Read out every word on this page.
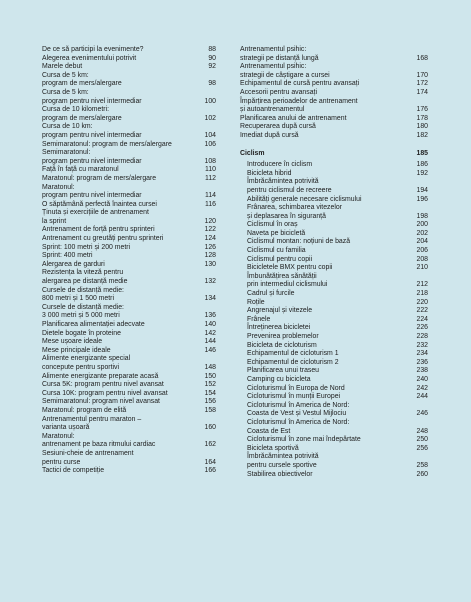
De ce să participi la evenimente?	88
Alegerea evenimentului potrivit	90
Marele debut	92
Cursa de 5 km:
program de mers/alergare	98
Cursa de 5 km:
program pentru nivel intermediar	100
Cursa de 10 kilometri:
program de mers/alergare	102
Cursa de 10 km:
program pentru nivel intermediar	104
Semimaratonul: program de mers/alergare	106
Semimaratonul:
program pentru nivel intermediar	108
Față în față cu maratonul	110
Maratonul: program de mers/alergare	112
Maratonul:
program pentru nivel intermediar	114
O săptămână perfectă înaintea cursei	116
Ținuta și exercițiile de antrenament
la sprint	120
Antrenament de forță pentru sprinteri	122
Antrenament cu greutăți pentru sprinteri	124
Sprint: 100 metri și 200 metri	126
Sprint: 400 metri	128
Alergarea de garduri	130
Rezistența la viteză pentru
alergarea pe distanță medie	132
Cursele de distanță medie:
800 metri și 1 500 metri	134
Cursele de distanță medie:
3 000 metri și 5 000 metri	136
Planificarea alimentației adecvate	140
Dietele bogate în proteine	142
Mese ușoare ideale	144
Mese principale ideale	146
Alimente energizante special
concepute pentru sportivi	148
Alimente energizante preparate acasă	150
Cursa 5K: program pentru nivel avansat	152
Cursa 10K: program pentru nivel avansat	154
Semimaratonul: program nivel avansat	156
Maratonul: program de elită	158
Antrenamentul pentru maraton –
varianta ușoară	160
Maratonul:
antrenament pe baza ritmului cardiac	162
Sesiuni-cheie de antrenament
pentru curse	164
Tactici de competiție	166
Antrenamentul psihic:
strategii pe distanță lungă	168
Antrenamentul psihic:
strategii de câștigare a cursei	170
Echipamentul de cursă pentru avansați	172
Accesorii pentru avansați	174
Împărțirea perioadelor de antrenament
și autoantrenamentul	176
Planificarea anului de antrenament	178
Recuperarea după cursă	180
Imediat după cursă	182
Ciclism	185
Introducere în ciclism	186
Bicicleta hibrid	192
Îmbrăcămintea potrivită
pentru ciclismul de recreere	194
Abilități generale necesare ciclismului	196
Frânarea, schimbarea vitezelor
și deplasarea în siguranță	198
Ciclismul în oraș	200
Naveta pe bicicletă	202
Ciclismul montan: noțiuni de bază	204
Ciclismul cu familia	206
Ciclismul pentru copii	208
Bicicletele BMX pentru copii	210
Îmbunătățirea sănătății
prin intermediul ciclismului	212
Cadrul și furcile	218
Roțile	220
Angrenajul și vitezele	222
Frânele	224
Întreținerea bicicletei	226
Prevenirea problemelor	228
Bicicleta de cicloturism	232
Echipamentul de cicloturism 1	234
Echipamentul de cicloturism 2	236
Planificarea unui traseu	238
Camping cu bicicleta	240
Cicloturismul în Europa de Nord	242
Cicloturismul în munții Europei	244
Cicloturismul în America de Nord:
Coasta de Vest și Vestul Mijlociu	246
Cicloturismul în America de Nord:
Coasta de Est	248
Cicloturismul în zone mai îndepărtate	250
Bicicleta sportivă	256
Îmbrăcămintea potrivită
pentru cursele sportive	258
Stabilirea obiectivelor	260
